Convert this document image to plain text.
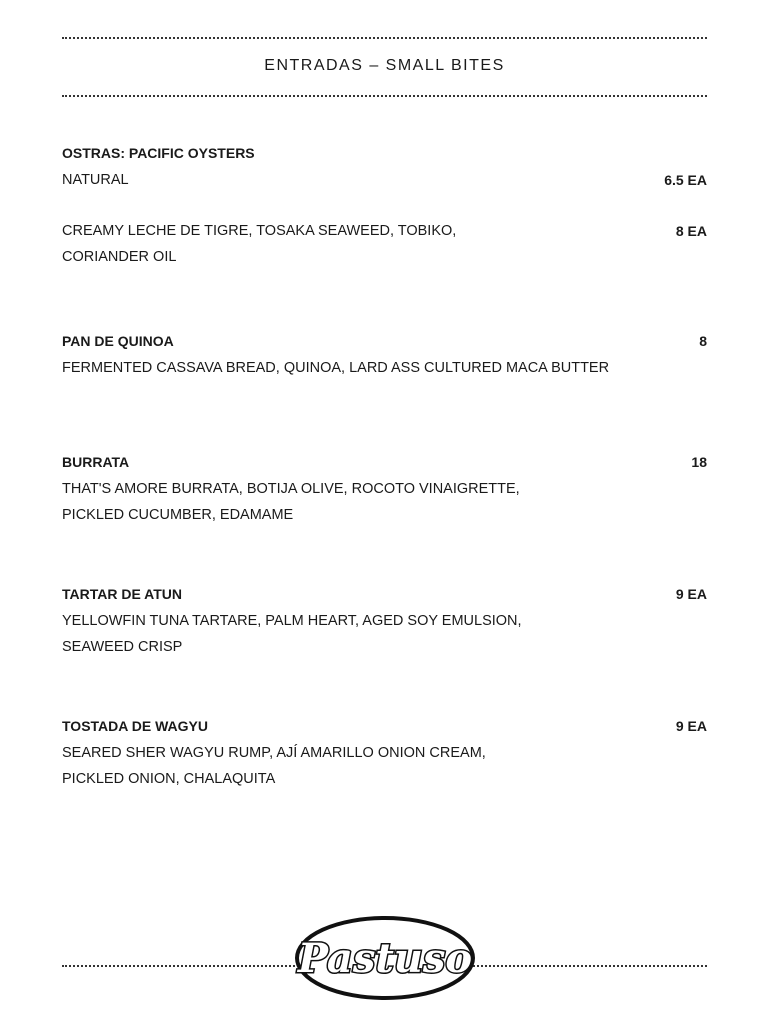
ENTRADAS – SMALL BITES
OSTRAS: PACIFIC OYSTERS
NATURAL	6.5 EA
CREAMY LECHE DE TIGRE, TOSAKA SEAWEED, TOBIKO,	8 EA
CORIANDER OIL
PAN DE QUINOA	8
FERMENTED CASSAVA BREAD, QUINOA, LARD ASS CULTURED MACA BUTTER
BURRATA	18
THAT'S AMORE BURRATA, BOTIJA OLIVE, ROCOTO VINAIGRETTE,
PICKLED CUCUMBER, EDAMAME
TARTAR DE ATUN	9 EA
YELLOWFIN TUNA TARTARE, PALM HEART, AGED SOY EMULSION,
SEAWEED CRISP
TOSTADA DE WAGYU	9 EA
SEARED SHER WAGYU RUMP, AJÍ AMARILLO ONION CREAM,
PICKLED ONION, CHALAQUITA
Pastuso
